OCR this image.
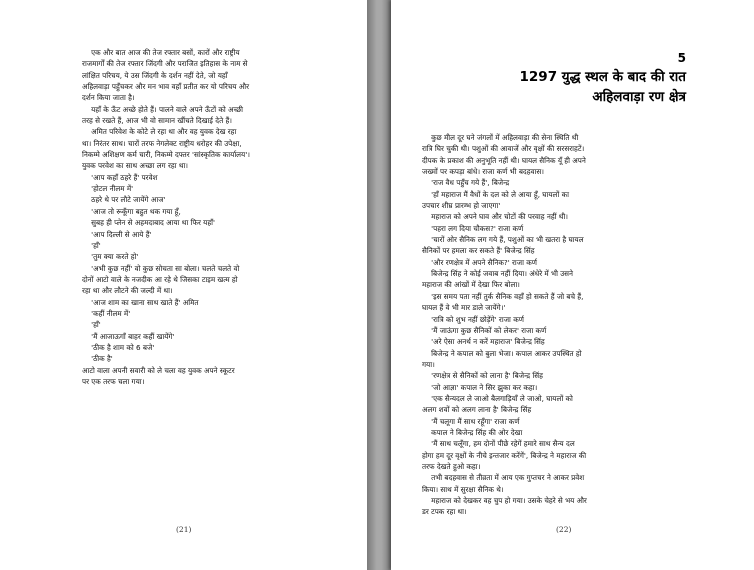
एक और बात आज की तेज रफ्तार बसों, कारों और राष्ट्रीय
राजमार्गों की तेज रफ्तार जिंदगी और पराजित इतिहास के नाम से
लांक्षित परिचय, ये उस जिंदगी के दर्शन नहीं देते, जो यहाँ
अहिलवाड़ा पहुँचकर और मन भाव वहाँ प्रतीत कर यो परिचय और
दर्शन किया जाता है।
यहाँ के ऊँट अच्छे होते हैं। पालने वाले अपने ऊँटों को अच्छी
तरह से रखते हैं, आज भी वो सामान खींचते दिखाई देते हैं।
अमित परिवेश के कोटे ले रहा था और वह युवक देख रहा
था। निरंतर साथ। चारों तरफ नेगलेक्ट राष्ट्रीय धरोहर की उपेक्षा,
निकम्मे अशिक्षण कर्म चारी, निकम्मे दफ्तर 'सांस्कृतिक कार्यालय'।
युवक परवेश का साथ अच्छा लग रहा था।
'आप कहाँ ठहरे हैं' परवेश
'होटल नीलम में'
ठहरे थे पर लौटे जायेंगे आज'
'आज तो रूकूँगा बहुत थक गया हूँ,
सुबह ही प्लेन से अहमदाबाद आया था फिर यहाँ'
'आप दिल्ली से आये हैं'
'हाँ'
'तुम क्या करते हो'
'अभी कुछ नहीं' वो कुछ सोचता सा बोला। चलते चलते वो
दोनों आटो वाले के नजदीक आ रहे थे जिसका टाइम खत्म हो
रहा था और लौटने की जल्दी में था।
'आज शाम का खाना साथ खाते हैं' अमित
'कहीं नीलम में'
'हाँ'
'मैं आजाऊगाँ बाहर कहीं खायेंगे'
'ठीक है शाम को 6 बजे'
'ठीक है'
आटो वाला अपनी सवारी को ले चला वह युवक अपने स्कूटर
पर एक तरफ चला गया।
(21)
5
1297 युद्ध स्थल के बाद की रात
अहिलवाड़ा रण क्षेत्र
कुछ मील दूर घने जंगलों में अहिलवाड़ा की सेना स्थिति थी
रात्रि घिर चुकी थी। पशुओं की आवाजें और वृक्षों की सरसराहटें।
दीपक के प्रकाश की अनुभूति नहीं थी। घायल सैनिक यूँ ही अपने
जख्मों पर कपड़ा बांधे। राजा कर्ण भी बदहवास।
'राज वैध पहुँच गये हैं', बिजेन्द्र
'हाँ महाराज मैं वैधों के दल को ले आया हूँ, घायलों का
उपचार शीघ्र प्रारम्भ हो जाएगा'
महाराज को अपने घाव और चोटों की परवाह नहीं थी।
'पहरा लग दिया चौकस?' राजा कर्ण
'चारों ओर सैनिक लग गये हैं, पशुओं का भी खतरा है घायल
सैनिकों पर हमला कर सकते हैं' बिजेन्द्र सिंह
'और रणक्षेत्र में अपने सैनिक?' राजा कर्ण
बिजेन्द्र सिंह ने कोई जवाब नहीं दिया। अंधेरे में भी उसने
महाराज की आंखों में देखा फिर बोला।
'इस समय पता नहीं तुर्क सैनिक वहाँ हो सकते हैं जो बचे हैं,
घायल हैं वे भी मार डाले जायेंगे।'
'रात्रि को शुभ नहीं छोड़ेंगे' राजा कर्ण
'मैं जाऊंगा कुछ सैनिकों को लेकर' राजा कर्ण
'अरे ऐसा अनर्थ न करें महाराज' बिजेन्द्र सिंह
बिजेन्द्र ने कपाल को बुला भेजा। कपाल आकर उपस्थित हो
गया।
'रणक्षेत्र से सैनिकों को लाना है' बिजेन्द्र सिंह
'जो आज्ञा' कपाल ने सिर झुका कर कहा।
'एक सैन्यदल ले जाओ बैलगाड़ियाँ ले जाओ, घायलों को
अलग शवों को अलग लाना है' बिजेन्द्र सिंह
'मैं चलूगा मैं साथ रहूँगा' राजा कर्ण
कपाल ने बिजेन्द्र सिंह की ओर देखा
'मैं साथ चलूँगा, हम दोनों पीछे रहेगें हमारे साथ सैन्य दल
होगा हम दूर वृक्षों के नीचे इन्तजार करेंगें', बिजेन्द्र ने महाराज की
तरफ देखते हुओ कहा।
तभी बदहवास से तीव्रता में आय एक गुप्तचर ने आकर प्रवेश
किया। साथ में सुरक्षा सैनिक थे।
महाराज को देखकर वह चुप हो गया। उसके चेहरे से भय और
डर टपक रहा था।
(22)
